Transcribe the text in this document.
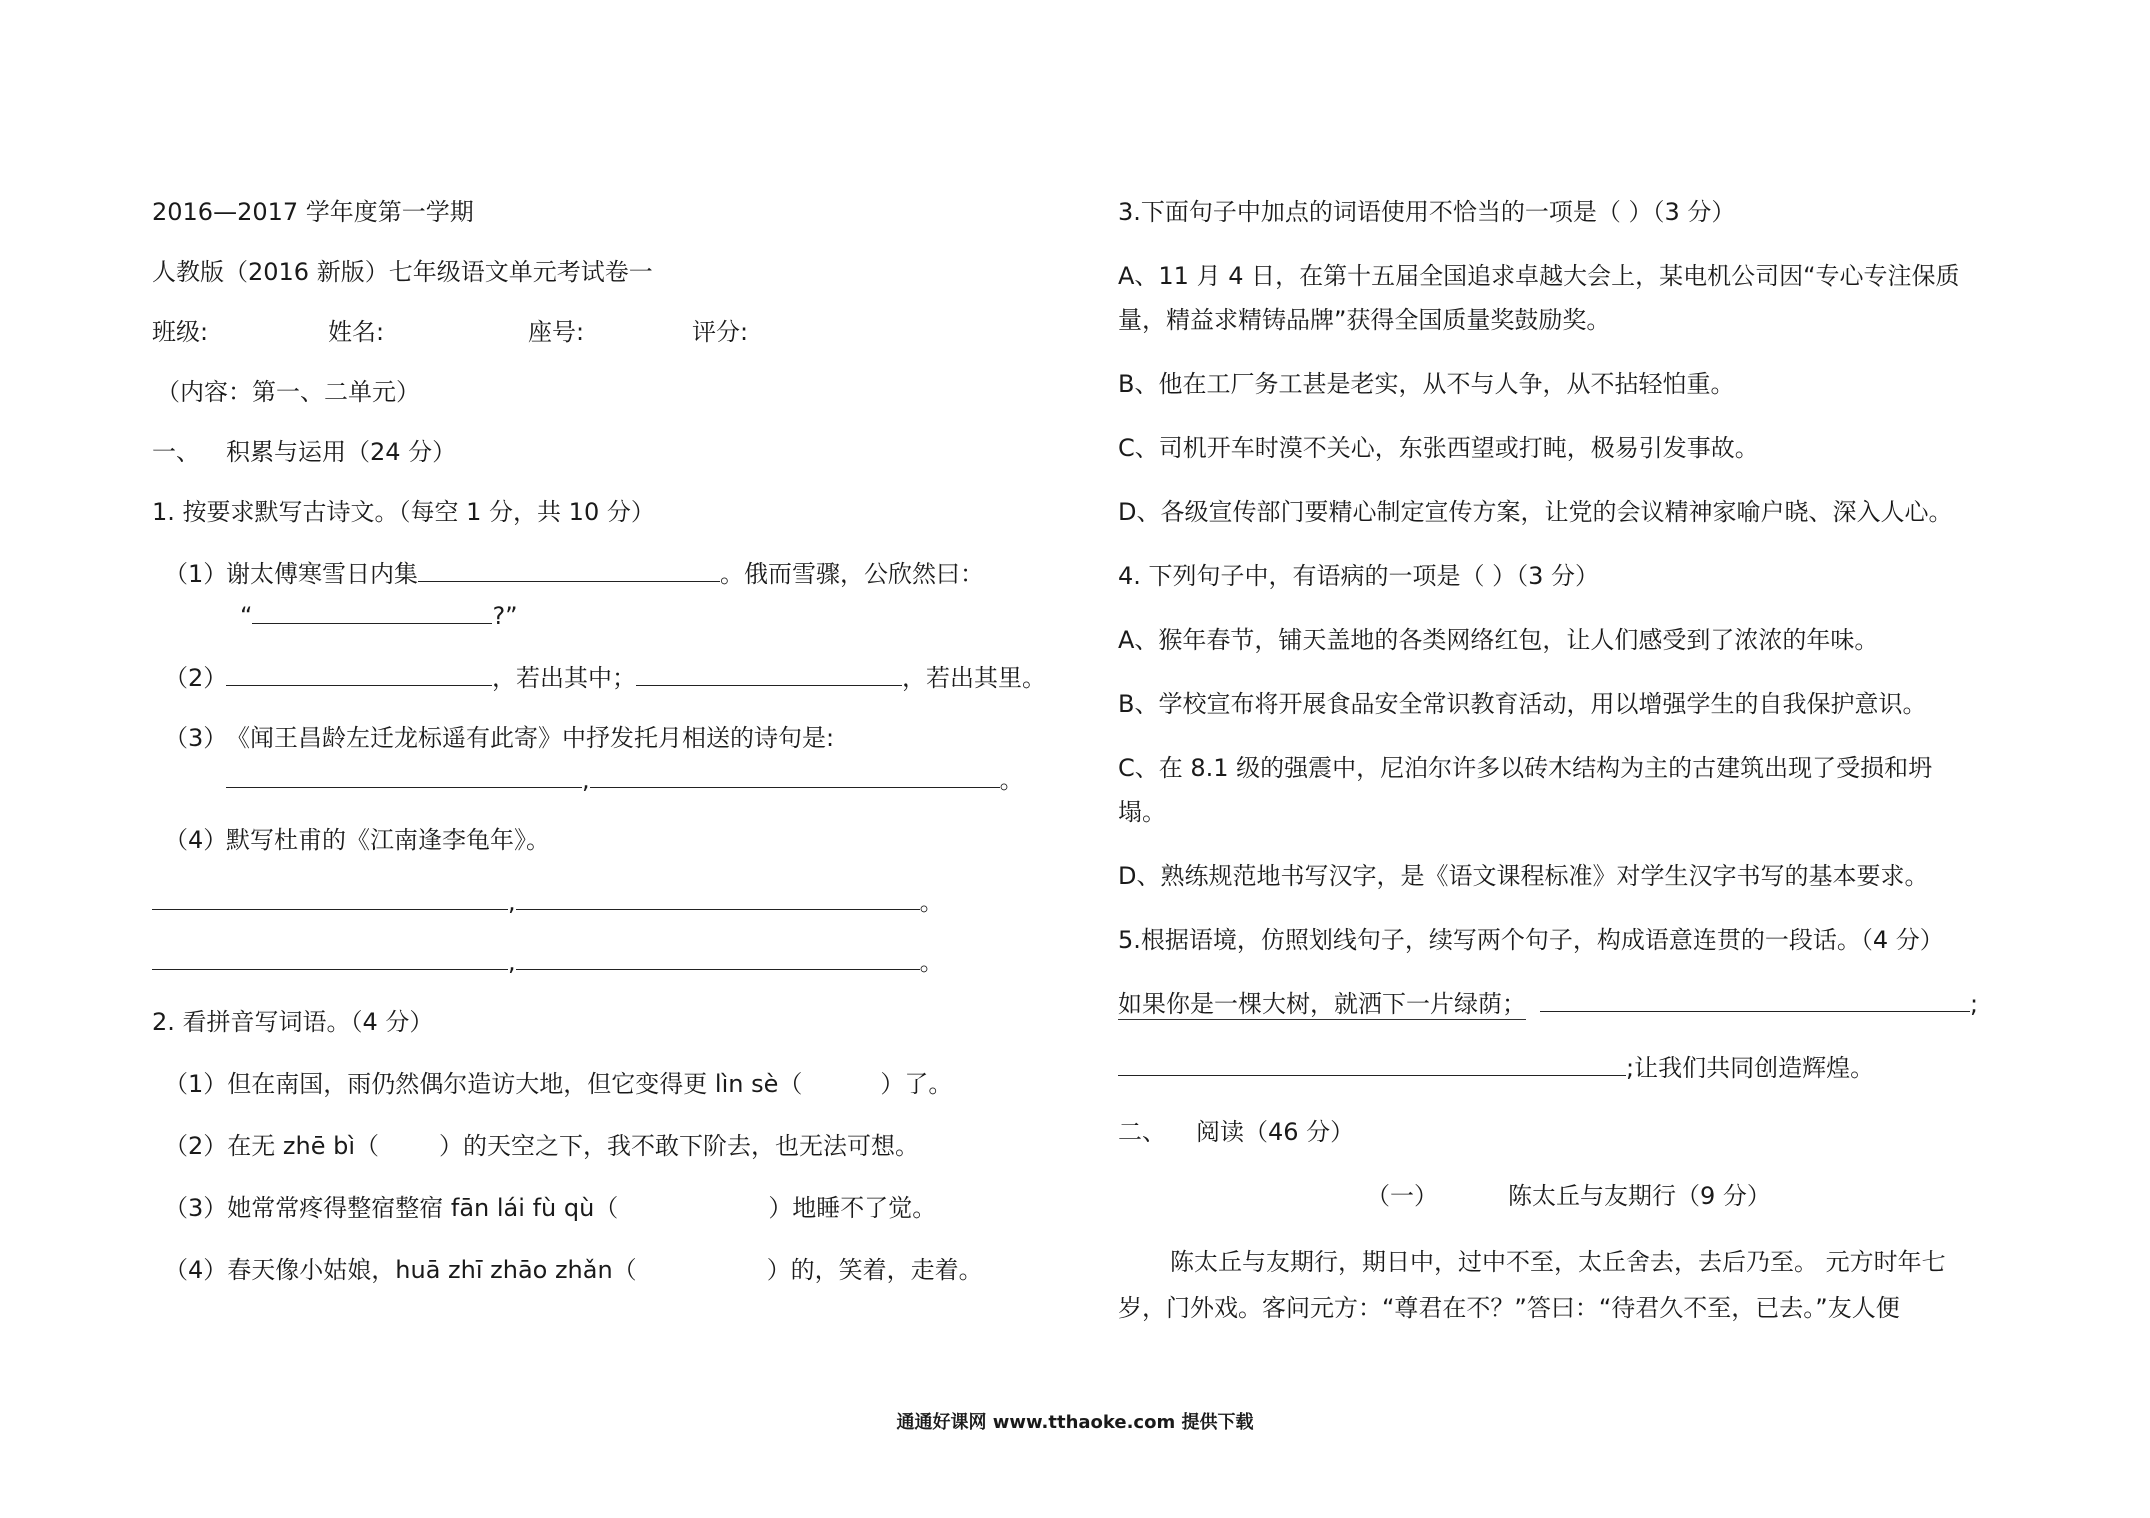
2016—2017 学年度第一学期
人教版（2016 新版）七年级语文单元考试卷一
班级:	姓名:	座号:	评分:
（内容：第一、二单元）
一、 积累与运用（24 分）
1. 按要求默写古诗文。（每空 1 分，共 10 分）
（1）
谢太傅寒雪日内集	。俄而雪骤，公欣然曰：
“	?”
（2）	，若出其中；	，若出其里。
（3）
《闻王昌龄左迁龙标遥有此寄》中抒发托月相送的诗句是:
,	。
（4）
默写杜甫的《江南逢李龟年》。
,	。
,	。
2. 看拼音写词语。（4 分）
（1）但在南国，雨仍然偶尔造访大地，但它变得更 lìn sè（	）了。
（2）在无 zhē bì（	）的天空之下，我不敢下阶去，也无法可想。
（3）她常常疼得整宿整宿 fān lái fù qù（	）地睡不了觉。
（4）春天像小姑娘，huā zhī zhāo zhǎn（	）的，笑着，走着。
3.下面句子中加点的词语使用不恰当的一项是（ ）（3 分）
A、11 月 4 日，在第十五届全国追求卓越大会上，某电机公司因“专心专注保质
量，精益求精铸品牌”获得全国质量奖鼓励奖。
B、他在工厂务工甚是老实，从不与人争，从不拈轻怕重。
C、司机开车时漠不关心，东张西望或打盹，极易引发事故。
D、各级宣传部门要精心制定宣传方案，让党的会议精神家喻户晓、深入人心。
4. 下列句子中，有语病的一项是（ ）（3 分）
A、猴年春节，铺天盖地的各类网络红包，让人们感受到了浓浓的年味。
B、学校宣布将开展食品安全常识教育活动，用以增强学生的自我保护意识。
C、在 8.1 级的强震中，尼泊尔许多以砖木结构为主的古建筑出现了受损和坍
塌。
D、熟练规范地书写汉字，是《语文课程标准》对学生汉字书写的基本要求。
5.根据语境，仿照划线句子，续写两个句子，构成语意连贯的一段话。（4 分）
如果你是一棵大树，就洒下一片绿荫；	;
;让我们共同创造辉煌。
二、 阅读（46 分）
（一）	陈太丘与友期行（9 分）
陈太丘与友期行，期日中，过中不至，太丘舍去，去后乃至。 元方时年七
岁，门外戏。客问元方：“尊君在不？”答曰：“待君久不至，已去。”友人便
通通好课网 www.tthaoke.com 提供下载
